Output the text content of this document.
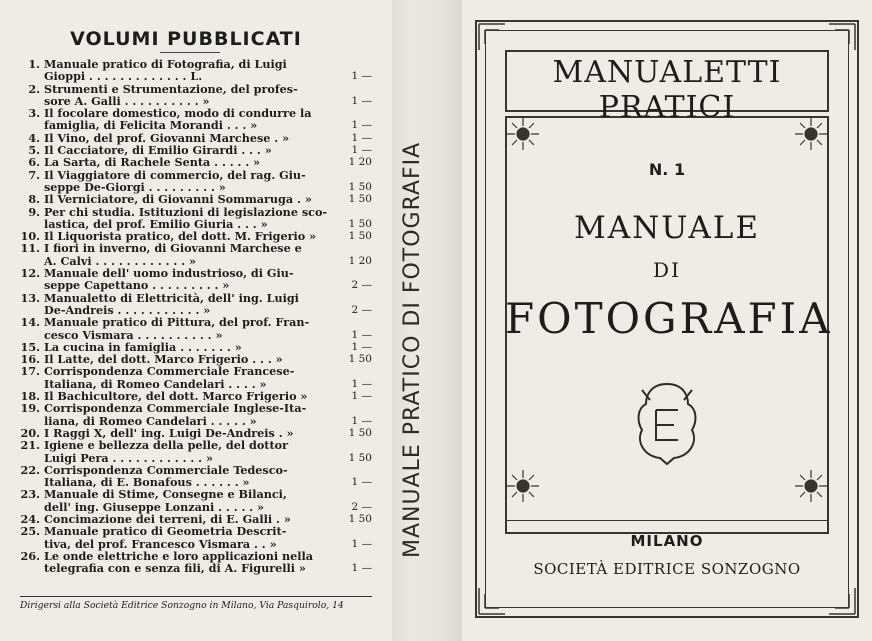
VOLUMI PUBBLICATI
1. Manuale pratico di Fotografia, di Luigi
Gioppi . . . . . . . . . . . . . L.	1 —
2. Strumenti e Strumentazione, del profes-
sore A. Galli . . . . . . . . . . »	1 —
3. Il focolare domestico, modo di condurre la
famiglia, di Felicita Morandi . . . »	1 —
4. Il Vino, del prof. Giovanni Marchese . »	1 —
5. Il Cacciatore, di Emilio Girardi . . . »	1 —
6. La Sarta, di Rachele Senta . . . . . »	1 20
7. Il Viaggiatore di commercio, del rag. Giu-
seppe De-Giorgi . . . . . . . . . »	1 50
8. Il Verniciatore, di Giovanni Sommaruga . »	1 50
9. Per chi studia. Istituzioni di legislazione sco-
lastica, del prof. Emilio Giuria . . . »	1 50
10. Il Liquorista pratico, del dott. M. Frigerio »	1 50
11. I fiori in inverno, di Giovanni Marchese e
A. Calvi . . . . . . . . . . . . »	1 20
12. Manuale dell' uomo industrioso, di Giu-
seppe Capettano . . . . . . . . . »	2 —
13. Manualetto di Elettricità, dell' ing. Luigi
De-Andreis . . . . . . . . . . . »	2 —
14. Manuale pratico di Pittura, del prof. Fran-
cesco Vismara . . . . . . . . . . »	1 —
15. La cucina in famiglia . . . . . . . »	1 —
16. Il Latte, del dott. Marco Frigerio . . . »	1 50
17. Corrispondenza Commerciale Francese-
Italiana, di Romeo Candelari . . . . »	1 —
18. Il Bachicultore, del dott. Marco Frigerio »	1 —
19. Corrispondenza Commerciale Inglese-Ita-
liana, di Romeo Candelari . . . . . »	1 —
20. I Raggi X, dell' ing. Luigi De-Andreis . »	1 50
21. Igiene e bellezza della pelle, del dottor
Luigi Pera . . . . . . . . . . . . »	1 50
22. Corrispondenza Commerciale Tedesco-
Italiana, di E. Bonafous . . . . . . »	1 —
23. Manuale di Stime, Consegne e Bilanci,
dell' ing. Giuseppe Lonzani . . . . . »	2 —
24. Concimazione dei terreni, di E. Galli . »	1 50
25. Manuale pratico di Geometria Descrit-
tiva, del prof. Francesco Vismara . . »	1 —
26. Le onde elettriche e loro applicazioni nella
telegrafia con e senza fili, di A. Figurelli »	1 —
Dirigersi alla Società Editrice Sonzogno in Milano, Via Pasquirolo, 14
MANUALE PRATICO DI FOTOGRAFIA
MANUALETTI PRATICI
N. 1
MANUALE
DI
FOTOGRAFIA
MILANO
SOCIETÀ EDITRICE SONZOGNO
